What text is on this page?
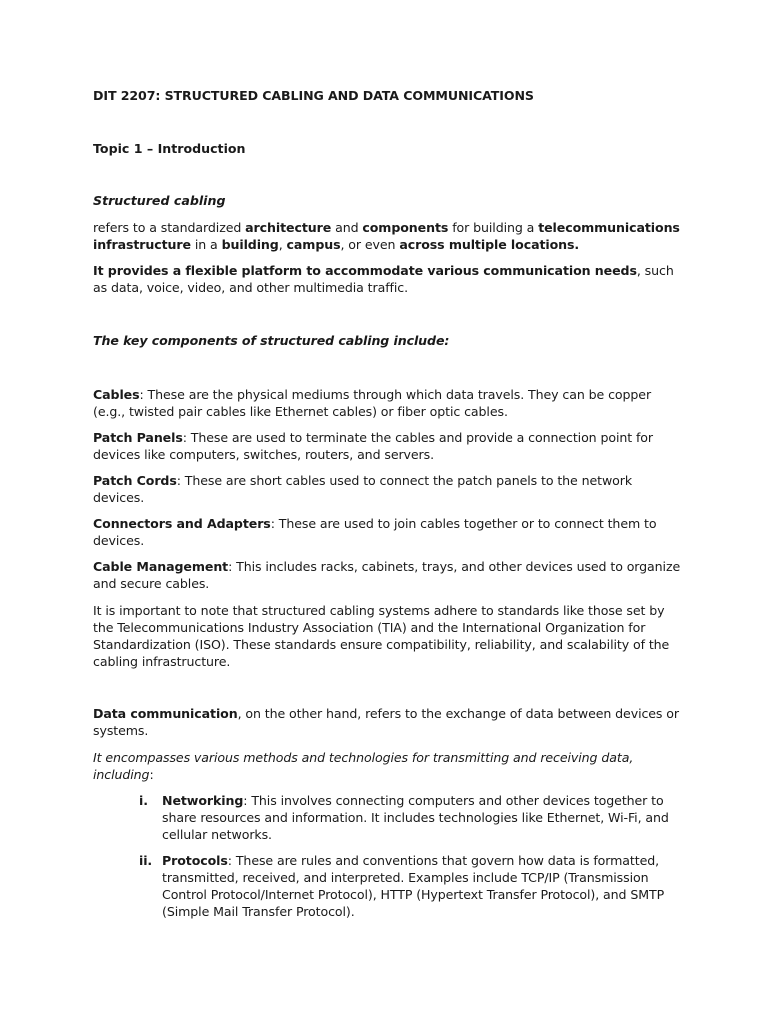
DIT 2207: STRUCTURED CABLING AND DATA COMMUNICATIONS
Topic 1 – Introduction
Structured cabling

refers to a standardized architecture and components for building a telecommunications infrastructure in a building, campus, or even across multiple locations.

It provides a flexible platform to accommodate various communication needs, such as data, voice, video, and other multimedia traffic.

The key components of structured cabling include:

Cables: These are the physical mediums through which data travels. They can be copper (e.g., twisted pair cables like Ethernet cables) or fiber optic cables.

Patch Panels: These are used to terminate the cables and provide a connection point for devices like computers, switches, routers, and servers.

Patch Cords: These are short cables used to connect the patch panels to the network devices.

Connectors and Adapters: These are used to join cables together or to connect them to devices.

Cable Management: This includes racks, cabinets, trays, and other devices used to organize and secure cables.

It is important to note that structured cabling systems adhere to standards like those set by the Telecommunications Industry Association (TIA) and the International Organization for Standardization (ISO). These standards ensure compatibility, reliability, and scalability of the cabling infrastructure.

Data communication, on the other hand, refers to the exchange of data between devices or systems.

It encompasses various methods and technologies for transmitting and receiving data, including:

i. Networking: This involves connecting computers and other devices together to share resources and information. It includes technologies like Ethernet, Wi-Fi, and cellular networks.

ii. Protocols: These are rules and conventions that govern how data is formatted, transmitted, received, and interpreted. Examples include TCP/IP (Transmission Control Protocol/Internet Protocol), HTTP (Hypertext Transfer Protocol), and SMTP (Simple Mail Transfer Protocol).
